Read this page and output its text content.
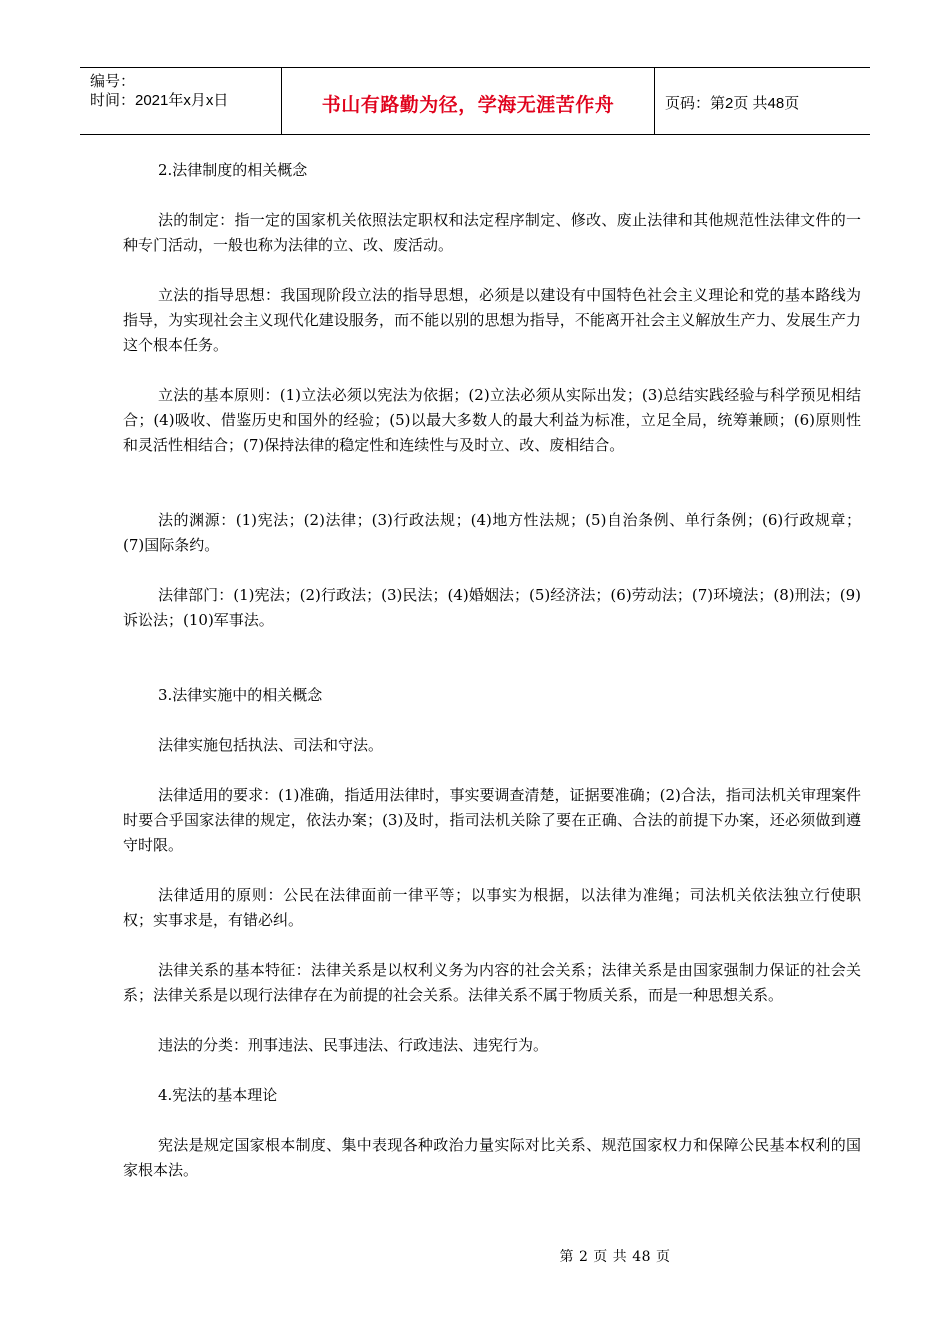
编号：
时间：2021年x月x日	书山有路勤为径，学海无涯苦作舟	页码：第2页 共48页

2.法律制度的相关概念

法的制定：指一定的国家机关依照法定职权和法定程序制定、修改、废止法律和其他规范性法律文件的一种专门活动，一般也称为法律的立、改、废活动。

立法的指导思想：我国现阶段立法的指导思想，必须是以建设有中国特色社会主义理论和党的基本路线为指导，为实现社会主义现代化建设服务，而不能以别的思想为指导，不能离开社会主义解放生产力、发展生产力这个根本任务。

立法的基本原则：(1)立法必须以宪法为依据；(2)立法必须从实际出发；(3)总结实践经验与科学预见相结合；(4)吸收、借鉴历史和国外的经验；(5)以最大多数人的最大利益为标准，立足全局，统筹兼顾；(6)原则性和灵活性相结合；(7)保持法律的稳定性和连续性与及时立、改、废相结合。

法的渊源：(1)宪法；(2)法律；(3)行政法规；(4)地方性法规；(5)自治条例、单行条例；(6)行政规章；(7)国际条约。

法律部门：(1)宪法；(2)行政法；(3)民法；(4)婚姻法；(5)经济法；(6)劳动法；(7)环境法；(8)刑法；(9)诉讼法；(10)军事法。

3.法律实施中的相关概念

法律实施包括执法、司法和守法。

法律适用的要求：(1)准确，指适用法律时，事实要调查清楚，证据要准确；(2)合法，指司法机关审理案件时要合乎国家法律的规定，依法办案；(3)及时，指司法机关除了要在正确、合法的前提下办案，还必须做到遵守时限。

法律适用的原则：公民在法律面前一律平等；以事实为根据，以法律为准绳；司法机关依法独立行使职权；实事求是，有错必纠。

法律关系的基本特征：法律关系是以权利义务为内容的社会关系；法律关系是由国家强制力保证的社会关系；法律关系是以现行法律存在为前提的社会关系。法律关系不属于物质关系，而是一种思想关系。

违法的分类：刑事违法、民事违法、行政违法、违宪行为。

4.宪法的基本理论

宪法是规定国家根本制度、集中表现各种政治力量实际对比关系、规范国家权力和保障公民基本权利的国家根本法。

第 2 页 共 48 页
